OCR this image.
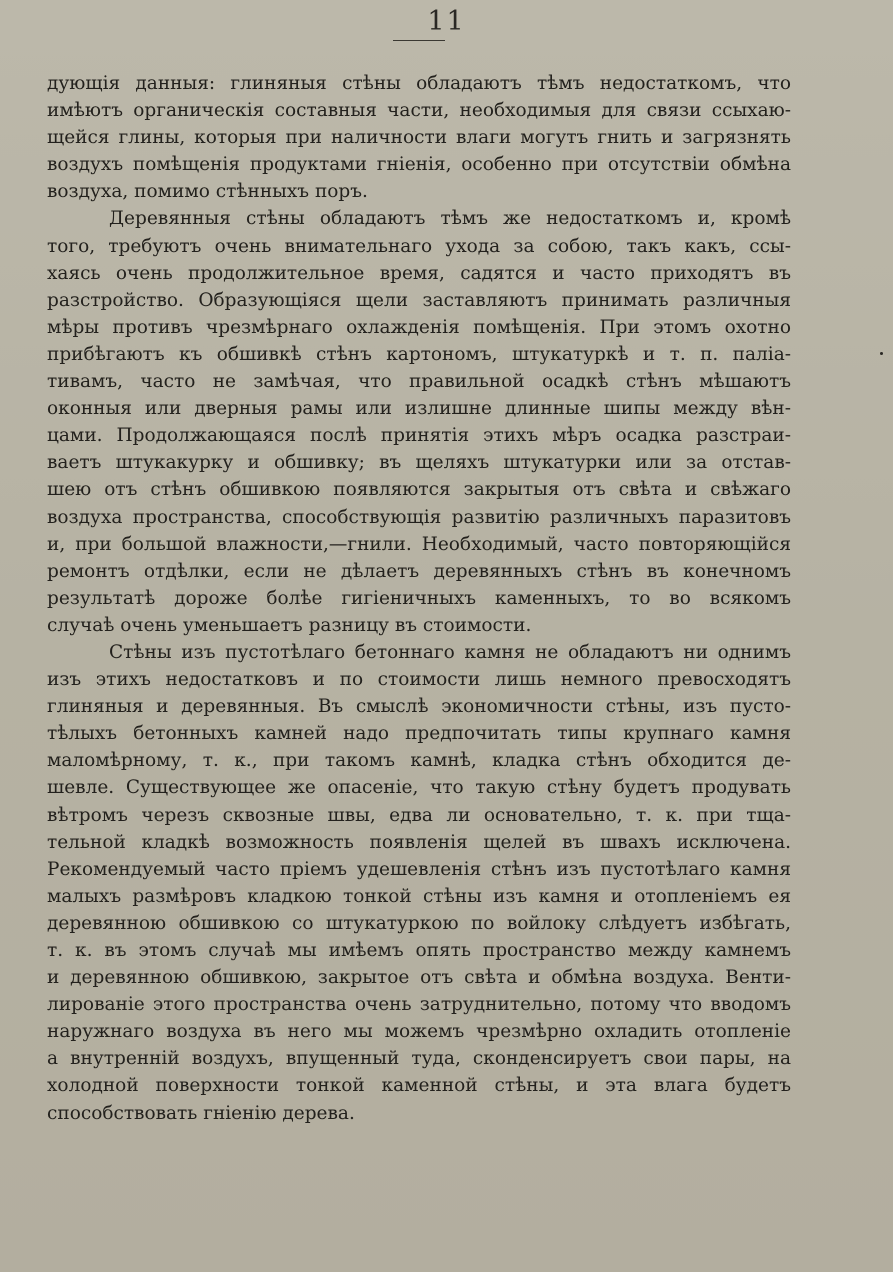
11
дующія данныя: глиняныя стѣны обладаютъ тѣмъ недостаткомъ, что
имѣютъ органическія составныя части, необходимыя для связи ссыхаю-
щейся глины, которыя при наличности влаги могутъ гнить и загрязнять
воздухъ помѣщенія продуктами гніенія, особенно при отсутствіи обмѣна
воздуха, помимо стѣнныхъ поръ.
Деревянныя стѣны обладаютъ тѣмъ же недостаткомъ и, кромѣ
того, требуютъ очень внимательнаго ухода за собою, такъ какъ, ссы-
хаясь очень продолжительное время, садятся и часто приходятъ въ
разстройство. Образующіяся щели заставляютъ принимать различныя
мѣры противъ чрезмѣрнаго охлажденія помѣщенія. При этомъ охотно
прибѣгаютъ къ обшивкѣ стѣнъ картономъ, штукатуркѣ и т. п. палia-
тивамъ, часто не замѣчая, что правильной осадкѣ стѣнъ мѣшаютъ
оконныя или дверныя рамы или излишне длинные шипы между вѣн-
цами. Продолжающаяся послѣ принятія этихъ мѣръ осадка разстраи-
ваетъ штукакурку и обшивку; въ щеляхъ штукатурки или за отстав-
шею отъ стѣнъ обшивкою появляются закрытыя отъ свѣта и свѣжаго
воздуха пространства, способствующія развитію различныхъ паразитовъ
и, при большой влажности,—гнили. Необходимый, часто повторяющійся
ремонтъ отдѣлки, если не дѣлаетъ деревянныхъ стѣнъ въ конечномъ
результатѣ дороже болѣе гигіеничныхъ каменныхъ, то во всякомъ
случаѣ очень уменьшаетъ разницу въ стоимости.
Стѣны изъ пустотѣлаго бетоннаго камня не обладаютъ ни однимъ
изъ этихъ недостатковъ и по стоимости лишь немного превосходятъ
глиняныя и деревянныя. Въ смыслѣ экономичности стѣны, изъ пусто-
тѣлыхъ бетонныхъ камней надо предпочитать типы крупнаго камня
маломѣрному, т. к., при такомъ камнѣ, кладка стѣнъ обходится де-
шевле. Существующее же опасеніе, что такую стѣну будетъ продувать
вѣтромъ черезъ сквозные швы, едва ли основательно, т. к. при тща-
тельной кладкѣ возможность появленія щелей въ швахъ исключена.
Рекомендуемый часто пріемъ удешевленія стѣнъ изъ пустотѣлаго камня
малыхъ размѣровъ кладкою тонкой стѣны изъ камня и отопленіемъ ея
деревянною обшивкою со штукатуркою по войлоку слѣдуетъ избѣгать,
т. к. въ этомъ случаѣ мы имѣемъ опять пространство между камнемъ
и деревянною обшивкою, закрытое отъ свѣта и обмѣна воздуха. Венти-
лированіе этого пространства очень затруднительно, потому что вводомъ
наружнаго воздуха въ него мы можемъ чрезмѣрно охладить отопленіе
а внутренній воздухъ, впущенный туда, сконденсируетъ свои пары, на
холодной поверхности тонкой каменной стѣны, и эта влага будетъ
способствовать гніенію дерева.
